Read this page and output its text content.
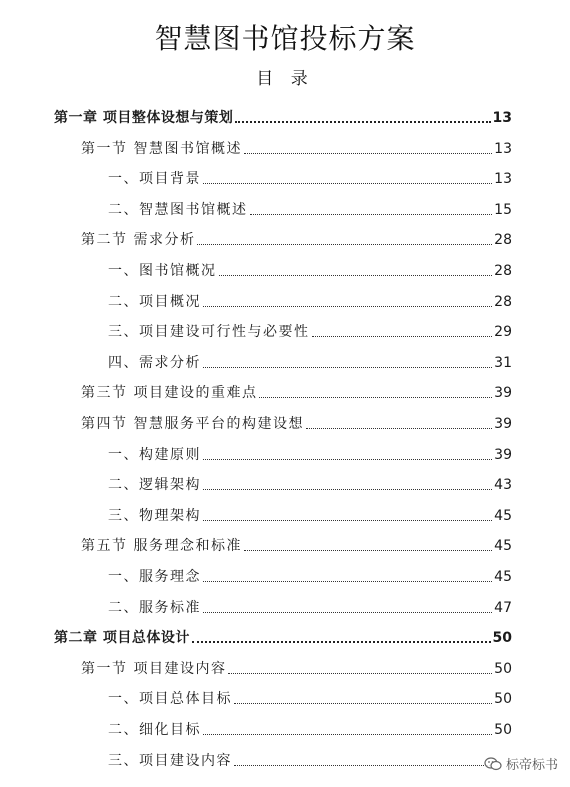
智慧图书馆投标方案
目 录
第一章 项目整体设想与策划	13
第一节 智慧图书馆概述	13
一、项目背景	13
二、智慧图书馆概述	15
第二节 需求分析	28
一、图书馆概况	28
二、项目概况	28
三、项目建设可行性与必要性	29
四、需求分析	31
第三节 项目建设的重难点	39
第四节 智慧服务平台的构建设想	39
一、构建原则	39
二、逻辑架构	43
三、物理架构	45
第五节 服务理念和标准	45
一、服务理念	45
二、服务标准	47
第二章 项目总体设计	50
第一节 项目建设内容	50
一、项目总体目标	50
二、细化目标	50
三、项目建设内容	标帝标书
